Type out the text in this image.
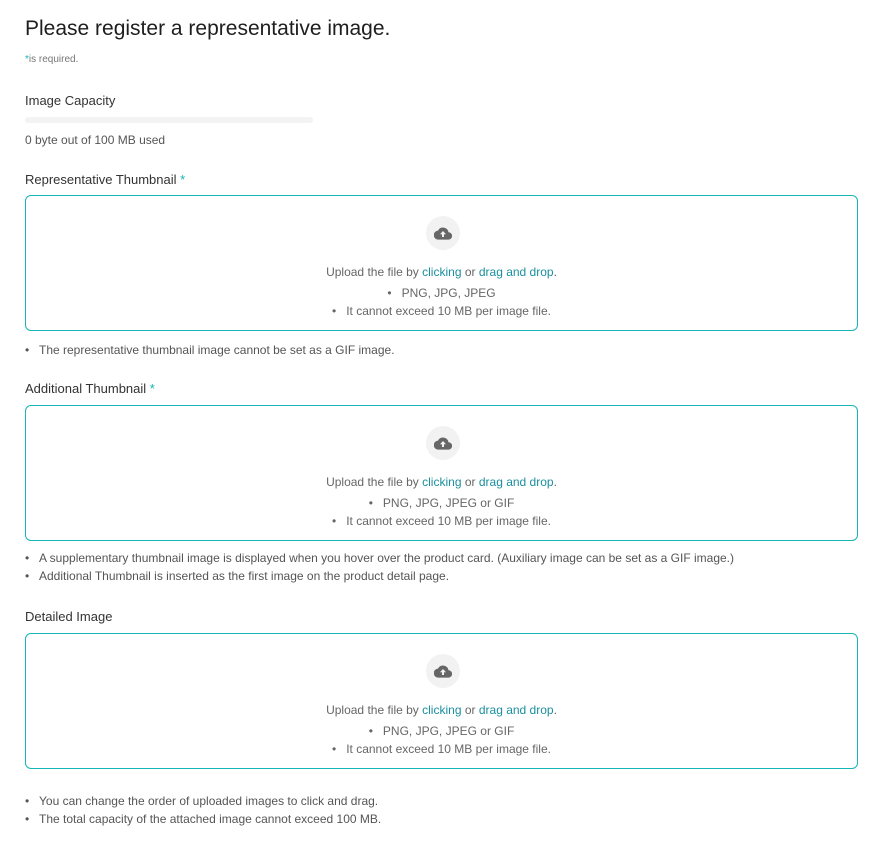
Please register a representative image.
*is required.
Image Capacity
0 byte out of 100 MB used
Representative Thumbnail *
Upload the file by clicking or drag and drop.
• PNG, JPG, JPEG
• It cannot exceed 10 MB per image file.
• The representative thumbnail image cannot be set as a GIF image.
Additional Thumbnail *
Upload the file by clicking or drag and drop.
• PNG, JPG, JPEG or GIF
• It cannot exceed 10 MB per image file.
• A supplementary thumbnail image is displayed when you hover over the product card. (Auxiliary image can be set as a GIF image.)
• Additional Thumbnail is inserted as the first image on the product detail page.
Detailed Image
Upload the file by clicking or drag and drop.
• PNG, JPG, JPEG or GIF
• It cannot exceed 10 MB per image file.
• You can change the order of uploaded images to click and drag.
• The total capacity of the attached image cannot exceed 100 MB.
